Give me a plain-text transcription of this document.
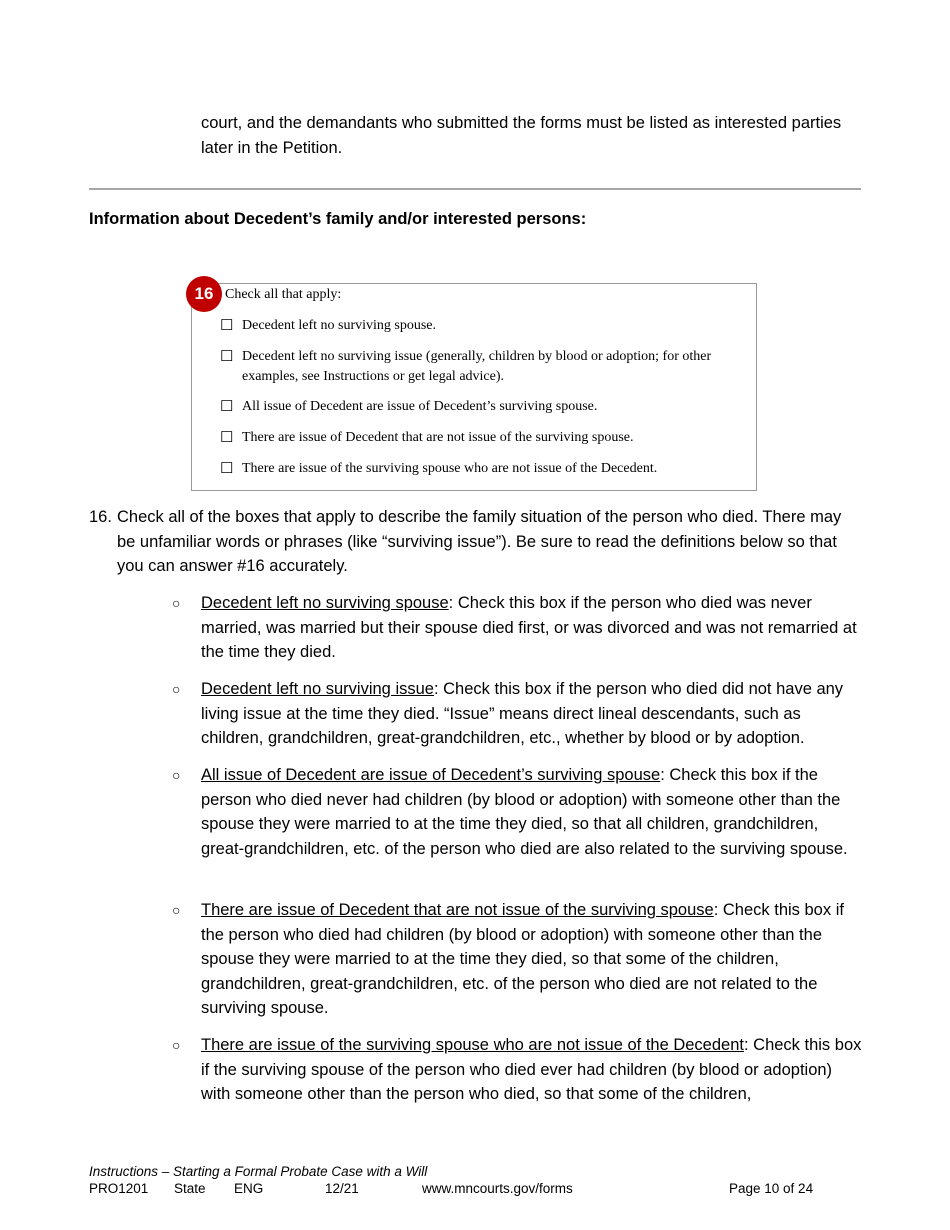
court, and the demandants who submitted the forms must be listed as interested parties later in the Petition.
Information about Decedent’s family and/or interested persons:
16 Check all that apply:
☐ Decedent left no surviving spouse.
☐ Decedent left no surviving issue (generally, children by blood or adoption; for other examples, see Instructions or get legal advice).
☐ All issue of Decedent are issue of Decedent’s surviving spouse.
☐ There are issue of Decedent that are not issue of the surviving spouse.
☐ There are issue of the surviving spouse who are not issue of the Decedent.
16. Check all of the boxes that apply to describe the family situation of the person who died. There may be unfamiliar words or phrases (like “surviving issue”). Be sure to read the definitions below so that you can answer #16 accurately.
○	Decedent left no surviving spouse: Check this box if the person who died was never married, was married but their spouse died first, or was divorced and was not remarried at the time they died.
○	Decedent left no surviving issue: Check this box if the person who died did not have any living issue at the time they died. “Issue” means direct lineal descendants, such as children, grandchildren, great-grandchildren, etc., whether by blood or by adoption.
○	All issue of Decedent are issue of Decedent’s surviving spouse: Check this box if the person who died never had children (by blood or adoption) with someone other than the spouse they were married to at the time they died, so that all children, grandchildren, great-grandchildren, etc. of the person who died are also related to the surviving spouse.
○	There are issue of Decedent that are not issue of the surviving spouse: Check this box if the person who died had children (by blood or adoption) with someone other than the spouse they were married to at the time they died, so that some of the children, grandchildren, great-grandchildren, etc. of the person who died are not related to the surviving spouse.
○	There are issue of the surviving spouse who are not issue of the Decedent: Check this box if the surviving spouse of the person who died ever had children (by blood or adoption) with someone other than the person who died, so that some of the children,
Instructions – Starting a Formal Probate Case with a Will
PRO1201 State ENG	12/21	www.mncourts.gov/forms	Page 10 of 24
